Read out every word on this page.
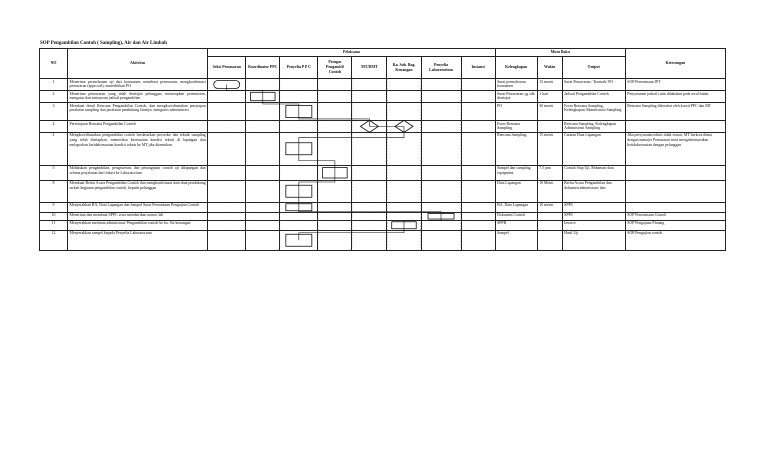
SOP Pengambilan Contoh ( Sampling), Air dan Air Limbah
NO	Aktivitas	Pelaksana								Mutu Baku			Keterangan
		Seksi Pemasaran	Koordinator PPC	Penyelia P P C	Petugas Pengambil Contoh	MT/DMT	Ka. Sub. Bag. Keuangan	Penyelia Laboratorium	Instansi	Kelengkapan	Waktu	Output	
1	Menerima permohonan uji dari konsumen, membuat penawaran, mengkonfirmasi penawaran (approval), menerbitkan PO									Surat permohonan konsumen	15 menit	Surat Penawaran / Kontrak/ PO	SOP Penerimaan JPT
2	Menerima penawaran yang telah disetujui pelanggan, menerapkan permintaan, mengatur dan menyusun jadwal pengambilan									Surat Penawaran yg sdh disetujui	1 hari	Jadwal Pengambilan Contoh	Penyusunan jadwal rutin dilakukan pada awal bulan.
3	Membuat detail Rencana Pengambilan Contoh, dan mengkoordinasikan penyiapan peralatan sampling dan peralatan pendukung lainnya, mengurus administrasi									PO	30 menit	Form Rencana Sampling, Kelengkapan Administrasi Sampling	Rencana Sampling diketahui oleh koord PPC dan MT
4	Persetujuan Rencana Pengambilan Contoh									Form Rencana Sampling		Rencana Sampling, Kelengkapan Administrasi Sampling	
4	Mengkoordinasikan pengambilan contoh berdasarkan prosedur dan teknik sampling yang telah ditetapkan, memeriksa kesesuaian kondisi teknis di lapangan dan melaporkan ketidaksesuaian kondisi teknis ke MT jika ditemukan									Rencana Sampling,	15 menit	Catatan Data Lapangan	Jika persyaratan teknis tidak sesuai, MT berkoordinasi dengan manajer Pemasaran serta menginformasikan ketidaksesuaian dengan pelanggan
5	Melakukan pengambilan, pengawetan, dan penanganan contoh uji dilapangan dan selama perjalanan dari lokasi ke Laboratorium									Sampel dan sampling equipment	7,5 jam	Contoh Siap Uji, Rekaman data	
8	Membuat Berita Acara Pengambilan Contoh dan mengkonfirmasi data-data pendukung terkait kegiatan pengambilan contoh, kepada pelanggan									Data Lapangan	10 Menit	Berita Acara Pengambilan dan dokumen administrasi lain	
9	Menyerahkan BA, Data Lapangan dan Sampel Surat Permintaan Pengujian Contoh									BA, Data Lapangan	10 menit	SPPC	
10	Menerima dan membuat SPPC serta memberikan nomor lab									Dokumen Contoh		SPPC	SOP Penerimaan Contoh
11	Menyerahkan meminta administrasi Pengambilan contoh ke ka. Sie keuangan									SPPB		Invoice	SOP Pengajuan Piutang
12	Menyerahkan sampel kepada Penyelia Laboratorium									Sampel		Hasil Uji	SOP Pengujian contoh
